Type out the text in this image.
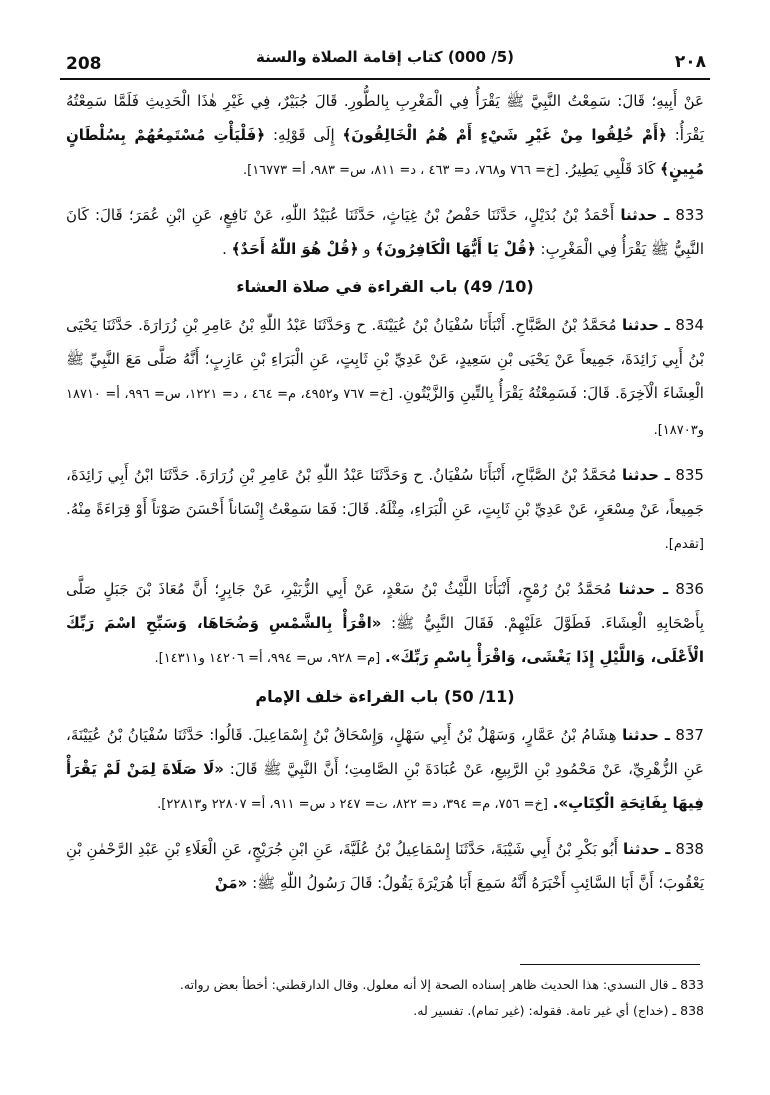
208	(5/ 000) كتاب إقامة الصلاة والسنة	٢٠٨

عَنْ أَبِيهِ؛ قَالَ: سَمِعْتُ النَّبِيَّ ﷺ يَقْرَأُ فِي الْمَغْرِبِ بِالطُّورِ. قَالَ جُبَيْرٌ، فِي غَيْرِ هٰذَا الْحَدِيثِ فَلَمَّا سَمِعْتُهُ يَقْرَأُ: ﴿أَمْ خُلِقُوا مِنْ غَيْرِ شَيْءٍ أَمْ هُمُ الْخَالِقُونَ﴾ إِلَى قَوْلِهِ: ﴿فَلْيَأْتِ مُسْتَمِعُهُمْ بِسُلْطَانٍ مُبِينٍ﴾ كَادَ قَلْبِي يَطِيرُ. [خ= ٧٦٦ و٧٦٨، د= ٤٦٣ ، د= ٨١١، س= ٩٨٣، أ= ١٦٧٧٣].

833 ـ حدثنا أَحْمَدُ بْنُ بُدَيْلٍ، حَدَّثَنَا حَفْصُ بْنُ غِيَاثٍ، حَدَّثَنَا عُبَيْدُ اللّٰهِ، عَنْ نَافِعٍ، عَنِ ابْنِ عُمَرَ؛ قَالَ: كَانَ النَّبِيُّ ﷺ يَقْرَأُ فِي الْمَغْرِبِ: ﴿قُلْ يَا أَيُّهَا الْكَافِرُونَ﴾ و ﴿قُلْ هُوَ اللّٰهُ أَحَدٌ﴾ .

(10/ 49) باب القراءة في صلاة العشاء

834 ـ حدثنا مُحَمَّدُ بْنُ الصَّبَّاحِ. أَنْبَأَنَا سُفْيَانُ بْنُ عُيَيْنَةَ. ح وَحَدَّثَنَا عَبْدُ اللّٰهِ بْنُ عَامِرِ بْنِ زُرَارَةَ. حَدَّثَنَا يَحْيَى بْنُ أَبِي زَائِدَةَ، جَمِيعاً عَنْ يَحْيَى بْنِ سَعِيدٍ، عَنْ عَدِيِّ بْنِ ثَابِتٍ، عَنِ الْبَرَاءِ بْنِ عَازِبٍ؛ أَنَّهُ صَلَّى مَعَ النَّبِيِّ ﷺ الْعِشَاءَ الْآخِرَةَ. قَالَ: فَسَمِعْتُهُ يَقْرَأُ بِالتِّينِ وَالزَّيْتُونِ. [خ= ٧٦٧ و٤٩٥٢، م= ٤٦٤ ، د= ١٢٢١، س= ٩٩٦، أ= ١٨٧١٠ و١٨٧٠٣].

835 ـ حدثنا مُحَمَّدُ بْنُ الصَّبَّاحِ، أَنْبَأَنَا سُفْيَانُ. ح وَحَدَّثَنَا عَبْدُ اللّٰهِ بْنُ عَامِرِ بْنِ زُرَارَةَ. حَدَّثَنَا ابْنُ أَبِي زَائِدَةَ، جَمِيعاً، عَنْ مِسْعَرٍ، عَنْ عَدِيِّ بْنِ ثَابِتٍ، عَنِ الْبَرَاءِ، مِثْلَهُ. قَالَ: فَمَا سَمِعْتُ إِنْسَاناً أَحْسَنَ صَوْتاً أَوْ قِرَاءَةً مِنْهُ. [تقدم].

836 ـ حدثنا مُحَمَّدُ بْنُ رُمْحٍ، أَنْبَأَنَا اللَّيْثُ بْنُ سَعْدٍ، عَنْ أَبِي الزُّبَيْرِ، عَنْ جَابِرٍ؛ أَنَّ مُعَاذَ بْنَ جَبَلٍ صَلَّى بِأَصْحَابِهِ الْعِشَاءَ. فَطَوَّلَ عَلَيْهِمْ. فَقَالَ النَّبِيُّ ﷺ: «اقْرَأْ بِالشَّمْسِ وَضُحَاهَا، وَسَبِّحِ اسْمَ رَبِّكَ الْأَعْلَى، وَاللَّيْلِ إِذَا يَغْشَى، وَاقْرَأْ بِاسْمِ رَبِّكَ». [م= ٩٢٨، س= ٩٩٤، أ= ١٤٢٠٦ و١٤٣١١].

(11/ 50) باب القراءة خلف الإمام

837 ـ حدثنا هِشَامُ بْنُ عَمَّارٍ، وَسَهْلُ بْنُ أَبِي سَهْلٍ، وَإِسْحَاقُ بْنُ إِسْمَاعِيلَ. قَالُوا: حَدَّثَنَا سُفْيَانُ بْنُ عُيَيْنَةَ، عَنِ الزُّهْرِيِّ، عَنْ مَحْمُودِ بْنِ الرَّبِيعِ، عَنْ عُبَادَةَ بْنِ الصَّامِتِ؛ أَنَّ النَّبِيَّ ﷺ قَالَ: «لَا صَلَاةَ لِمَنْ لَمْ يَقْرَأْ فِيهَا بِفَاتِحَةِ الْكِتَابِ». [خ= ٧٥٦، م= ٣٩٤، د= ٨٢٢، ت= ٢٤٧ د س= ٩١١، أ= ٢٢٨٠٧ و٢٢٨١٣].

838 ـ حدثنا أَبُو بَكْرِ بْنُ أَبِي شَيْبَةَ، حَدَّثَنَا إِسْمَاعِيلُ بْنُ عُلَيَّةَ، عَنِ ابْنِ جُرَيْجٍ، عَنِ الْعَلَاءِ بْنِ عَبْدِ الرَّحْمٰنِ بْنِ يَعْقُوبَ؛ أَنَّ أَبَا السَّائِبِ أَخْبَرَهُ أَنَّهُ سَمِعَ أَبَا هُرَيْرَةَ يَقُولُ: قَالَ رَسُولُ اللّٰهِ ﷺ: «مَنْ

833 ـ قال النسدي: هذا الحديث ظاهر إسناده الصحة إلا أنه معلول. وقال الدارقطني: أخطأ بعض رواته.
838 ـ (خداج) أي غير تامة. فقوله: (غير تمام). تفسير له.
